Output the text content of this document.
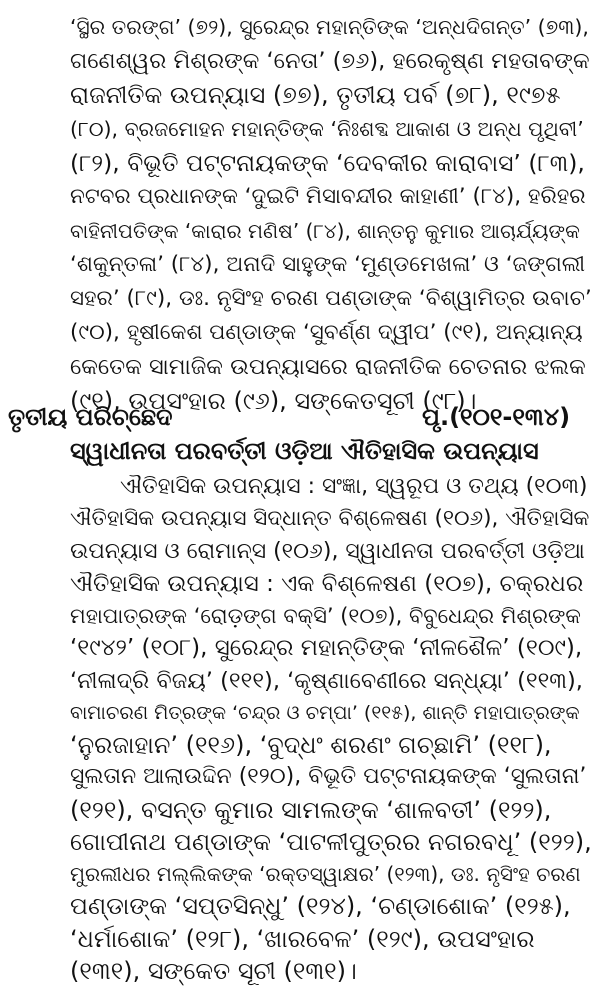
‘ସ୍ଥିର ତରଙ୍ଗ’ (୭୨), ସୁରେନ୍ଦ୍ର ମହାନ୍ତିଙ୍କ ‘ଅନ୍ଧଦିଗନ୍ତ’ (୭୩),
ଗଣେଶ୍ୱର ମିଶ୍ରଙ୍କ ‘ନେତା’ (୭୬), ହରେକୃଷ୍ଣ ମହତାବଙ୍କ
ରାଜନୀତିକ ଉପନ୍ୟାସ (୭୭), ତୃତୀୟ ପର୍ବ (୭୮), ୧୯୭୫
(୮୦), ବ୍ରଜମୋହନ ମହାନ୍ତିଙ୍କ ‘ନିଃଶବ୍ଦ ଆକାଶ ଓ ଅନ୍ଧ ପୃଥିବୀ’
(୮୨), ବିଭୂତି ପଟ୍ଟନାୟକଙ୍କ ‘ଦେବକୀର କାରାବାସ’ (୮୩),
ନଟବର ପ୍ରଧାନଙ୍କ ‘ଦୁଇଟି ମିସାବନ୍ଦୀର କାହାଣୀ’ (୮୪), ହରିହର
ବାହିନୀପତିଙ୍କ ‘କାରାର ମଣିଷ’ (୮୪), ଶାନ୍ତନୁ କୁମାର ଆଚାର୍ଯ୍ୟଙ୍କ
‘ଶକୁନ୍ତଳା’ (୮୪), ଅନାଦି ସାହୁଙ୍କ ‘ମୁଣ୍ଡମେଖଳା’ ଓ ‘ଜଙ୍ଗଲୀ
ସହର’ (୮୯), ଡଃ. ନୃସିଂହ ଚରଣ ପଣ୍ଡାଙ୍କ ‘ବିଶ୍ୱାମିତ୍ର ଉବାଚ’
(୯୦), ହୃଷୀକେଶ ପଣ୍ଡାଙ୍କ ‘ସୁବର୍ଣ୍ଣ ଦ୍ୱୀପ’ (୯୧), ଅନ୍ୟାନ୍ୟ
କେତେକ ସାମାଜିକ ଉପନ୍ୟାସରେ ରାଜନୀତିକ ଚେତନାର ଝଲକ
(୯୧), ଉପସଂହାର (୯୬), ସଙ୍କେତସୂଚୀ (୯୮)।
ତୃତୀୟ ପରିଚ୍ଛେଦ	ପୃ.(୧୦୧-୧୩୪)
ସ୍ୱାଧୀନତା ପରବର୍ତ୍ତୀ ଓଡ଼ିଆ ଐତିହାସିକ ଉପନ୍ୟାସ
ଐତିହାସିକ ଉପନ୍ୟାସ : ସଂଜ୍ଞା, ସ୍ୱରୂପ ଓ ତଥ୍ୟ (୧୦୩)
ଐତିହାସିକ ଉପନ୍ୟାସ ସିଦ୍ଧାନ୍ତ ବିଶ୍ଳେଷଣ (୧୦୬), ଐତିହାସିକ
ଉପନ୍ୟାସ ଓ ରୋମାନ୍‌ସ (୧୦୬), ସ୍ୱାଧୀନତା ପରବର୍ତ୍ତୀ ଓଡ଼ିଆ
ଐତିହାସିକ ଉପନ୍ୟାସ : ଏକ ବିଶ୍ଳେଷଣ (୧୦୭), ଚକ୍ରଧର
ମହାପାତ୍ରଙ୍କ ‘ରୋଡ଼ଙ୍ଗ ବକ୍‌ସି’ (୧୦୭), ବିବୁଧେନ୍ଦ୍ର ମିଶ୍ରଙ୍କ
‘୧୯୪୨’ (୧୦୮), ସୁରେନ୍ଦ୍ର ମହାନ୍ତିଙ୍କ ‘ନୀଳଶୈଳ’ (୧୦୯),
‘ନୀଳାଦ୍ରି ବିଜୟ’ (୧୧୧), ‘କୃଷ୍ଣାବେଣୀରେ ସନ୍ଧ୍ୟା’ (୧୧୩),
ବାମାଚରଣ ମିତ୍ରଙ୍କ ‘ଚନ୍ଦ୍ର ଓ ଚମ୍ପା’ (୧୧୫), ଶାନ୍ତି ମହାପାତ୍ରଙ୍କ
‘ନୁରଜାହାନ’ (୧୧୬), ‘ବୁଦ୍ଧଂ ଶରଣଂ ଗଚ୍ଛାମି’ (୧୧୮),
ସୁଲତାନ ଆଲାଉଦ୍ଦିନ (୧୨୦), ବିଭୂତି ପଟ୍ଟନାୟକଙ୍କ ‘ସୁଲତାନା’
(୧୨୧), ବସନ୍ତ କୁମାର ସାମଲଙ୍କ ‘ଶାଳବତୀ’ (୧୨୨),
ଗୋପୀନାଥ ପଣ୍ଡାଙ୍କ ‘ପାଟଳୀପୁତ୍ରର ନଗରବଧୂ’ (୧୨୨),
ମୁରଲୀଧର ମଲ୍ଲିକଙ୍କ ‘ରକ୍ତସ୍ୱାକ୍ଷର’ (୧୨୩), ଡଃ. ନୃସିଂହ ଚରଣ
ପଣ୍ଡାଙ୍କ ‘ସପ୍ତସିନ୍ଧୁ’ (୧୨୪), ‘ଚଣ୍ଡାଶୋକ’ (୧୨୫),
‘ଧର୍ମାଶୋକ’ (୧୨୮), ‘ଖାରବେଳ’ (୧୨୯), ଉପସଂହାର
(୧୩୧), ସଙ୍କେତ ସୂଚୀ (୧୩୧)।
